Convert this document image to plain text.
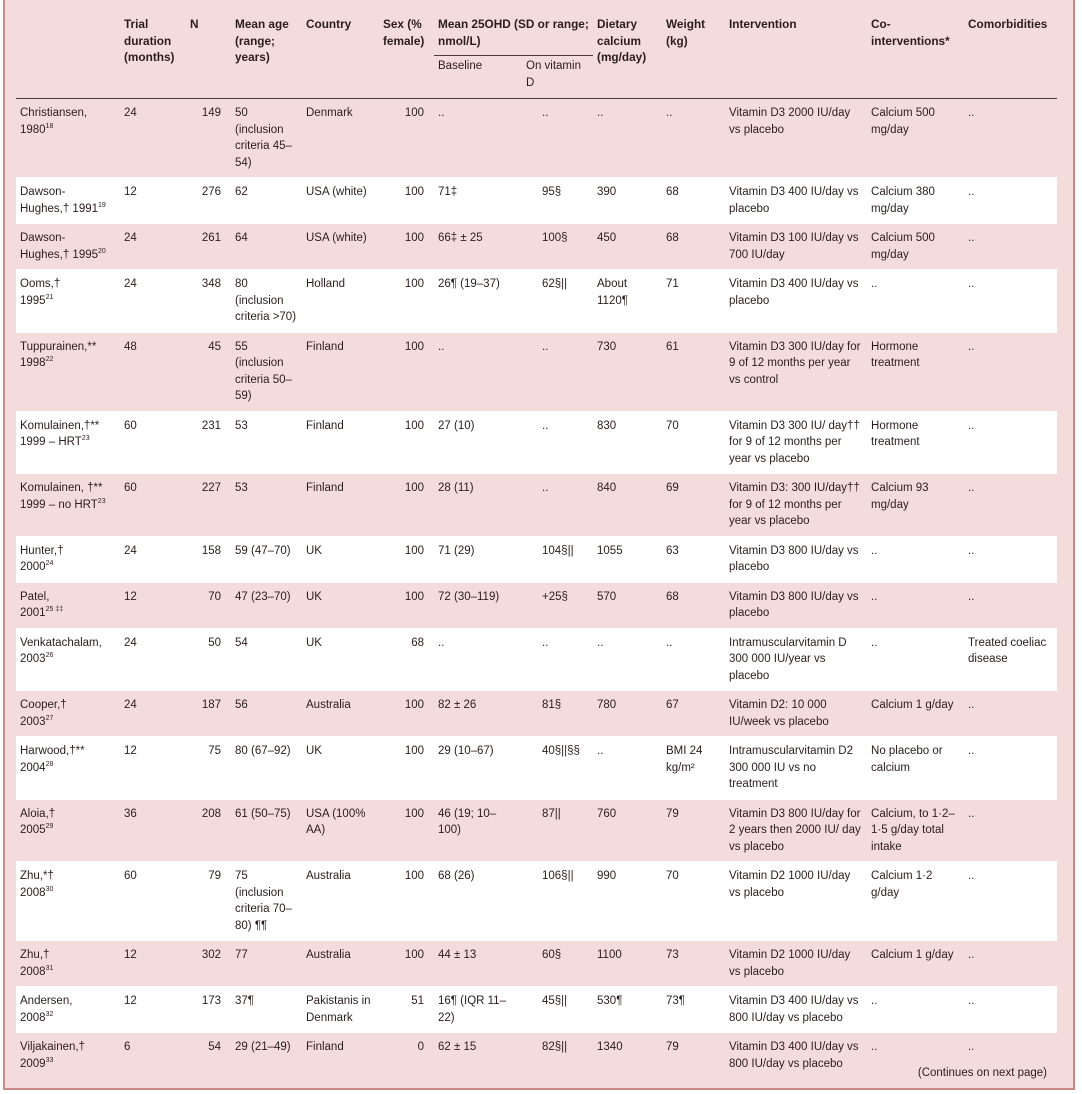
	Trial duration (months)	N	Mean age (range; years)	Country	Sex (% female)	Mean 25OHD (SD or range; nmol/L)		Dietary calcium (mg/day)	Weight (kg)	Intervention	Co-interventions*	Comorbidities
						Baseline	On vitamin D					

Christiansen,
1980$^{18}$	24	149	50 (inclusion criteria 45–54)	Denmark	100	..	..	..	..	Vitamin D3 2000 IU/day vs placebo	Calcium 500 mg/day	..
Dawson-
Hughes,† 1991$^{19}$	12	276	62	USA (white)	100	71‡	95§	390	68	Vitamin D3 400 IU/day vs placebo	Calcium 380 mg/day	..
Dawson-
Hughes,† 1995$^{20}$	24	261	64	USA (white)	100	66‡ ± 25	100§	450	68	Vitamin D3 100 IU/day vs 700 IU/day	Calcium 500 mg/day	..
Ooms,†
1995$^{21}$	24	348	80 (inclusion criteria >70)	Holland	100	26¶ (19–37)	62§||	About 1120¶	71	Vitamin D3 400 IU/day vs placebo	..	..
Tuppurainen,**
1998$^{22}$	48	45	55 (inclusion criteria 50–59)	Finland	100	..	..	730	61	Vitamin D3 300 IU/day for 9 of 12 months per year vs control	Hormone treatment	..
Komulainen,†**
1999 – HRT$^{23}$	60	231	53	Finland	100	27 (10)	..	830	70	Vitamin D3 300 IU/ day†† for 9 of 12 months per year vs placebo	Hormone treatment	..
Komulainen, †**
1999 – no HRT$^{23}$	60	227	53	Finland	100	28 (11)	..	840	69	Vitamin D3: 300 IU/day†† for 9 of 12 months per year vs placebo	Calcium 93 mg/day	..
Hunter,†
2000$^{24}$	24	158	59 (47–70)	UK	100	71 (29)	104§||	1055	63	Vitamin D3 800 IU/day vs placebo	..	..
Patel,
$2001^{25 \ddagger\ddagger}$	12	70	47 (23–70)	UK	100	72 (30–119)	+25§	570	68	Vitamin D3 800 IU/day vs placebo	..	..
Venkatachalam,
2003$^{26}$	24	50	54	UK	68	..	..	..	..	Intramuscularvitamin D 300 000 IU/year vs placebo	..	Treated coeliac disease
Cooper,†
2003$^{27}$	24	187	56	Australia	100	82 ± 26	81§	780	67	Vitamin D2: 10 000 IU/week vs placebo	Calcium 1 g/day	..
Harwood,†**
2004$^{28}$	12	75	80 (67–92)	UK	100	29 (10–67)	40§||§§	..	BMI 24 kg/m²	Intramuscularvitamin D2 300 000 IU vs no treatment	No placebo or calcium	..
Aloia,†
2005$^{29}$	36	208	61 (50–75)	USA (100% AA)	100	46 (19; 10–100)	87||	760	79	Vitamin D3 800 IU/day for 2 years then 2000 IU/ day vs placebo	Calcium, to 1·2–1·5 g/day total intake	..
Zhu,*†
2008$^{30}$	60	79	75 (inclusion criteria 70–80) ¶¶	Australia	100	68 (26)	106§||	990	70	Vitamin D2 1000 IU/day vs placebo	Calcium 1·2 g/day	..
Zhu,†
2008$^{31}$	12	302	77	Australia	100	44 ± 13	60§	1100	73	Vitamin D2 1000 IU/day vs placebo	Calcium 1 g/day	..
Andersen,
2008$^{32}$	12	173	37¶	Pakistanis in Denmark	51	16¶ (IQR 11–22)	45§||	530¶	73¶	Vitamin D3 400 IU/day vs 800 IU/day vs placebo	..	..
Viljakainen,†
2009$^{33}$	6	54	29 (21–49)	Finland	0	62 ± 15	82§||	1340	79	Vitamin D3 400 IU/day vs 800 IU/day vs placebo	..	..
(Continues on next page)
